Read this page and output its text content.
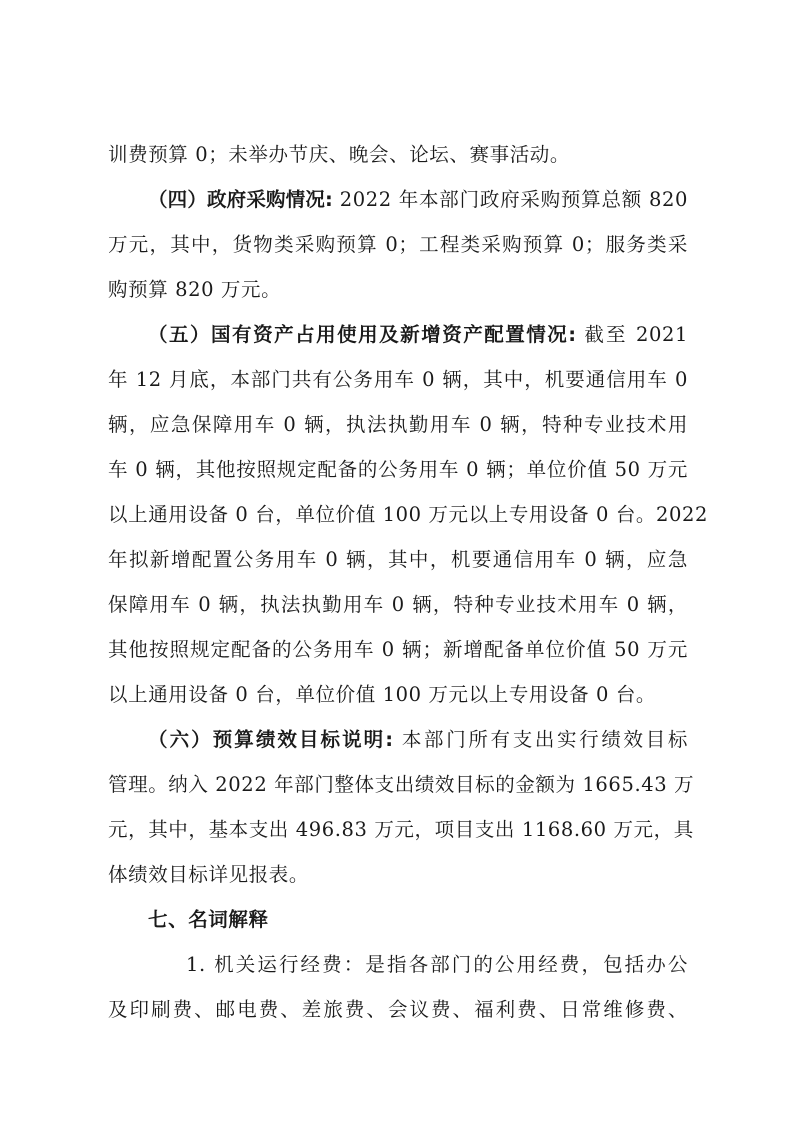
训费预算 0；未举办节庆、晚会、论坛、赛事活动。
（四）政府采购情况: 2022 年本部门政府采购预算总额 820
万元，其中，货物类采购预算 0；工程类采购预算 0；服务类采
购预算 820 万元。
（五）国有资产占用使用及新增资产配置情况: 截至 2021
年 12 月底，本部门共有公务用车 0 辆，其中，机要通信用车 0
辆，应急保障用车 0 辆，执法执勤用车 0 辆，特种专业技术用
车 0 辆，其他按照规定配备的公务用车 0 辆；单位价值 50 万元
以上通用设备 0 台，单位价值 100 万元以上专用设备 0 台。2022
年拟新增配置公务用车 0 辆，其中，机要通信用车 0 辆，应急
保障用车 0 辆，执法执勤用车 0 辆，特种专业技术用车 0 辆，
其他按照规定配备的公务用车 0 辆；新增配备单位价值 50 万元
以上通用设备 0 台，单位价值 100 万元以上专用设备 0 台。
（六）预算绩效目标说明: 本部门所有支出实行绩效目标
管理。纳入 2022 年部门整体支出绩效目标的金额为 1665.43 万
元，其中，基本支出 496.83 万元，项目支出 1168.60 万元，具
体绩效目标详见报表。
七、名词解释
1. 机关运行经费：是指各部门的公用经费，包括办公
及印刷费、邮电费、差旅费、会议费、福利费、日常维修费、
